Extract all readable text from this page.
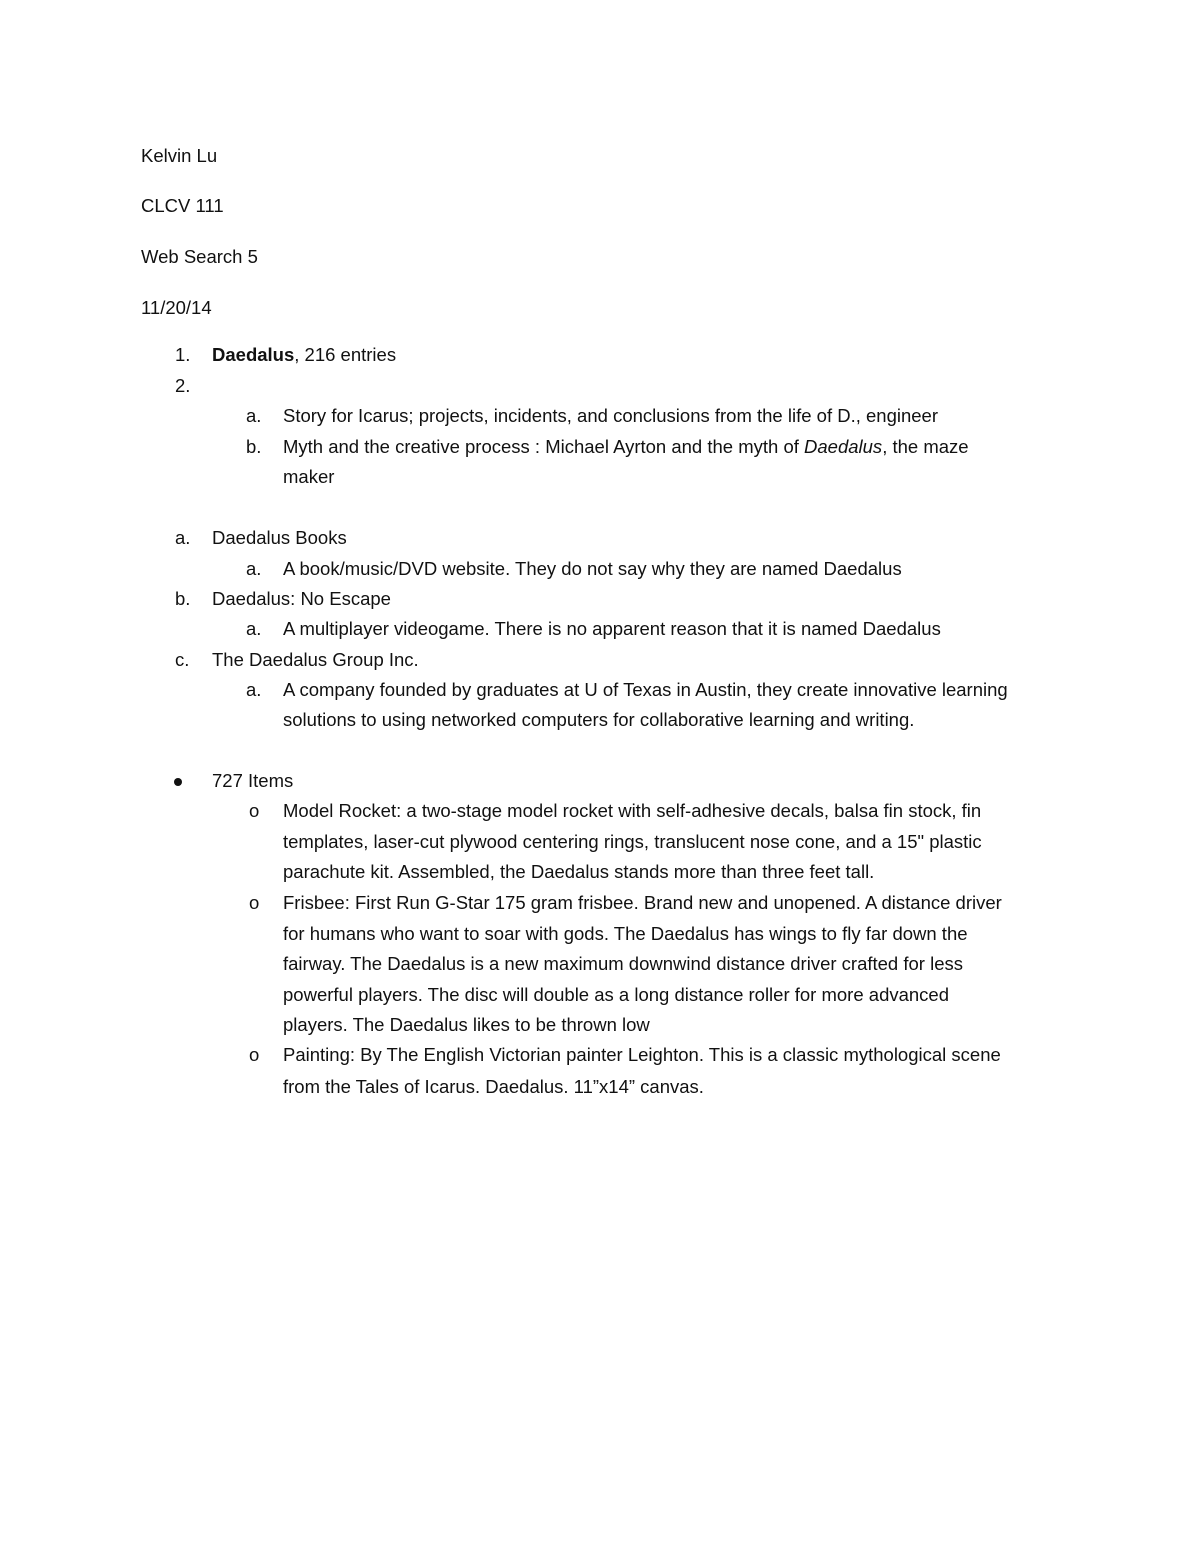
Kelvin Lu
CLCV 111
Web Search 5
11/20/14
1. Daedalus, 216 entries
2.
a. Story for Icarus; projects, incidents, and conclusions from the life of D., engineer
b. Myth and the creative process : Michael Ayrton and the myth of Daedalus, the maze
maker
a. Daedalus Books
a. A book/music/DVD website. They do not say why they are named Daedalus
b. Daedalus: No Escape
a. A multiplayer videogame. There is no apparent reason that it is named Daedalus
c. The Daedalus Group Inc.
a. A company founded by graduates at U of Texas in Austin, they create innovative learning
solutions to using networked computers for collaborative learning and writing.
727 Items
o Model Rocket: a two-stage model rocket with self-adhesive decals, balsa fin stock, fin
templates, laser-cut plywood centering rings, translucent nose cone, and a 15" plastic
parachute kit. Assembled, the Daedalus stands more than three feet tall.
o Frisbee: First Run G-Star 175 gram frisbee. Brand new and unopened. A distance driver
for humans who want to soar with gods. The Daedalus has wings to fly far down the
fairway. The Daedalus is a new maximum downwind distance driver crafted for less
powerful players. The disc will double as a long distance roller for more advanced
players. The Daedalus likes to be thrown low
o Painting: By The English Victorian painter Leighton. This is a classic mythological scene
from the Tales of Icarus. Daedalus. 11”x14” canvas.
